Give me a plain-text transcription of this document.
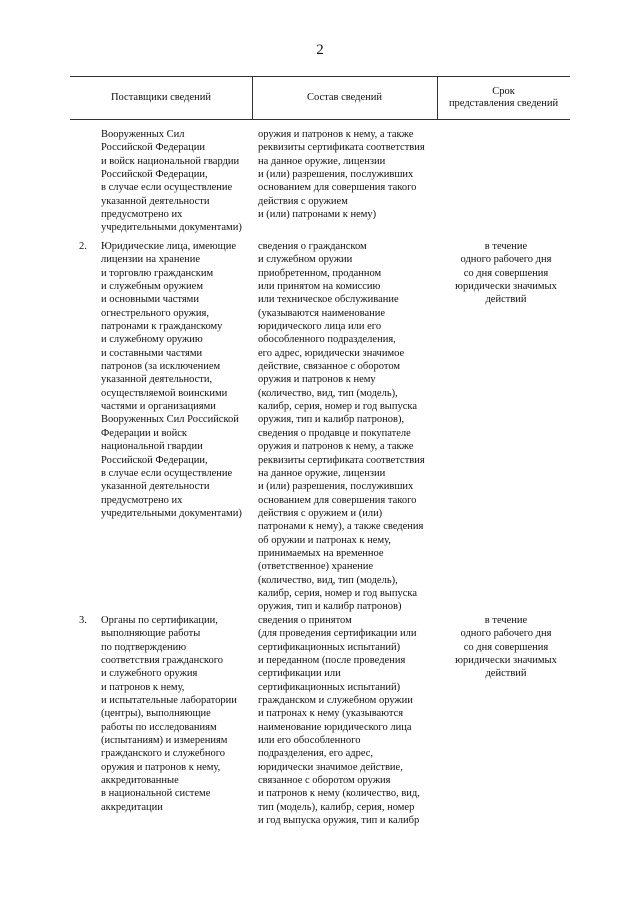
2
Поставщики сведений	Состав сведений
Срок
представления сведений
Вооруженных Сил
Российской Федерации
и войск национальной гвардии
Российской Федерации,
в случае если осуществление
указанной деятельности
предусмотрено их
учредительными документами)
оружия и патронов к нему, а также
реквизиты сертификата соответствия
на данное оружие, лицензии
и (или) разрешения, послуживших
основанием для совершения такого
действия с оружием
и (или) патронами к нему)
2. Юридические лица, имеющие
лицензии на хранение
и торговлю гражданским
и служебным оружием
и основными частями
огнестрельного оружия,
патронами к гражданскому
и служебному оружию
и составными частями
патронов (за исключением
указанной деятельности,
осуществляемой воинскими
частями и организациями
Вооруженных Сил Российской
Федерации и войск
национальной гвардии
Российской Федерации,
в случае если осуществление
указанной деятельности
предусмотрено их
учредительными документами)
сведения о гражданском
и служебном оружии
приобретенном, проданном
или принятом на комиссию
или техническое обслуживание
(указываются наименование
юридического лица или его
обособленного подразделения,
его адрес, юридически значимое
действие, связанное с оборотом
оружия и патронов к нему
(количество, вид, тип (модель),
калибр, серия, номер и год выпуска
оружия, тип и калибр патронов),
сведения о продавце и покупателе
оружия и патронов к нему, а также
реквизиты сертификата соответствия
на данное оружие, лицензии
и (или) разрешения, послуживших
основанием для совершения такого
действия с оружием и (или)
патронами к нему), а также сведения
об оружии и патронах к нему,
принимаемых на временное
(ответственное) хранение
(количество, вид, тип (модель),
калибр, серия, номер и год выпуска
оружия, тип и калибр патронов)
в течение
одного рабочего дня
со дня совершения
юридически значимых
действий
3. Органы по сертификации,
выполняющие работы
по подтверждению
соответствия гражданского
и служебного оружия
и патронов к нему,
и испытательные лаборатории
(центры), выполняющие
работы по исследованиям
(испытаниям) и измерениям
гражданского и служебного
оружия и патронов к нему,
аккредитованные
в национальной системе
аккредитации
сведения о принятом
(для проведения сертификации или
сертификационных испытаний)
и переданном (после проведения
сертификации или
сертификационных испытаний)
гражданском и служебном оружии
и патронах к нему (указываются
наименование юридического лица
или его обособленного
подразделения, его адрес,
юридически значимое действие,
связанное с оборотом оружия
и патронов к нему (количество, вид,
тип (модель), калибр, серия, номер
и год выпуска оружия, тип и калибр
в течение
одного рабочего дня
со дня совершения
юридически значимых
действий
